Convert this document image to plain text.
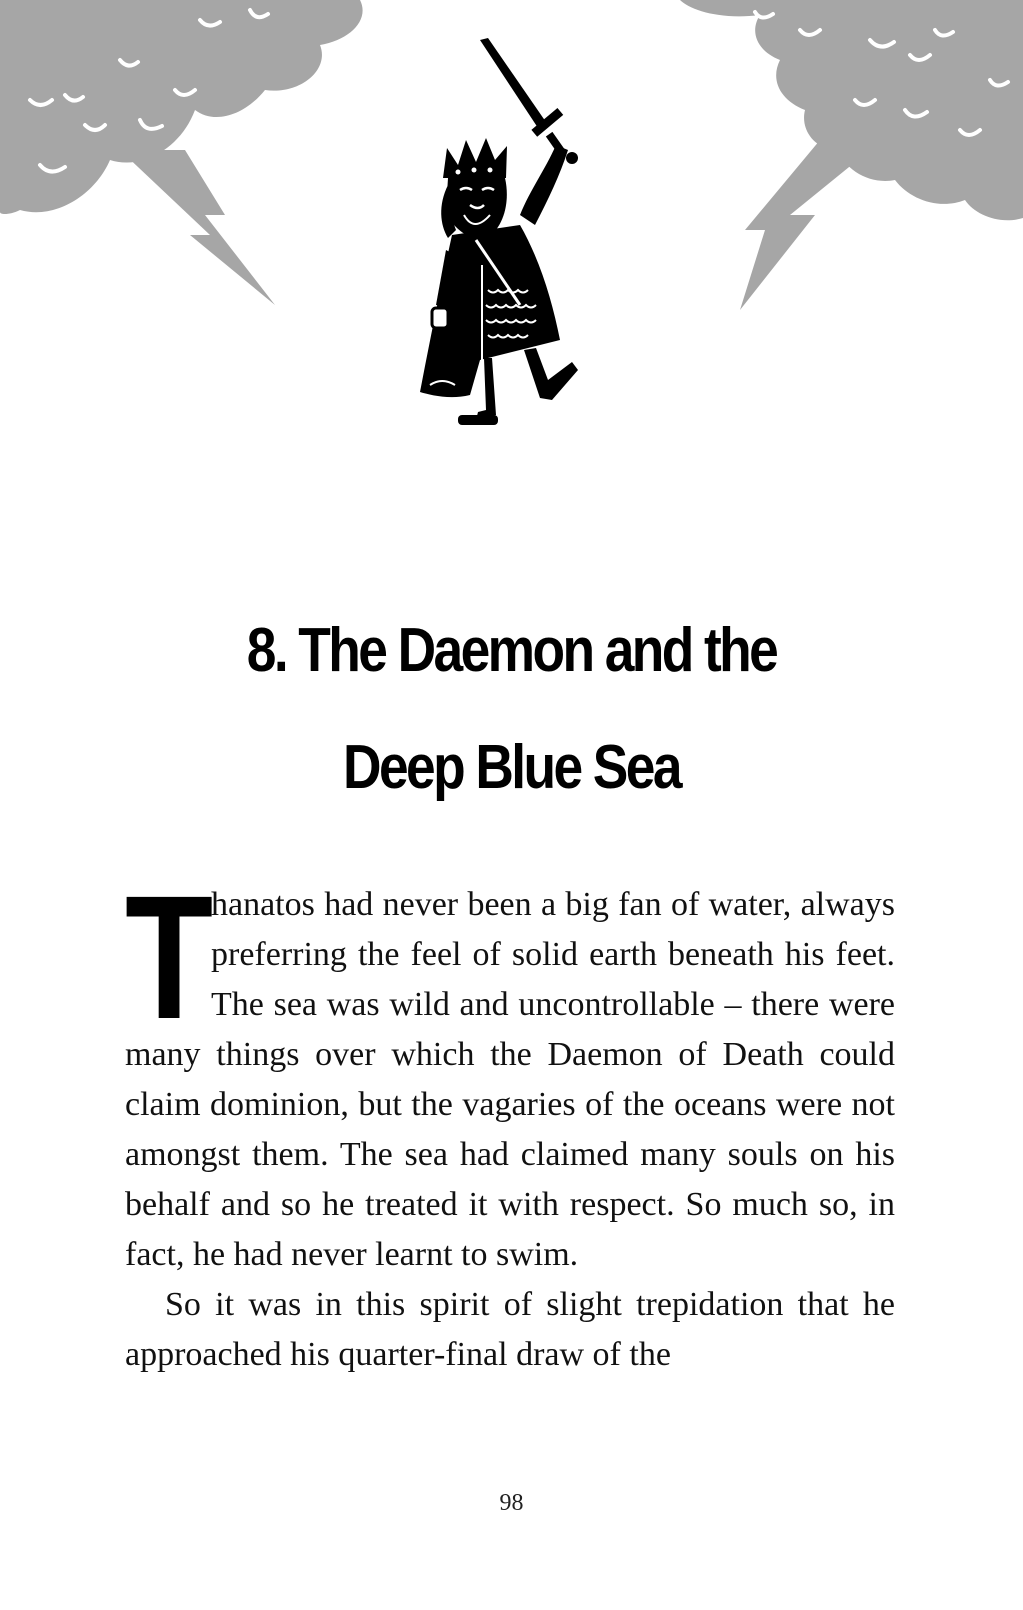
8. The Daemon and the
Deep Blue Sea

T
hanatos had never been a big fan of water, always preferring the feel of solid earth beneath his feet. The sea was wild and uncontrollable – there were many things over which the Daemon of Death could claim dominion, but the vagaries of the oceans were not amongst them. The sea had claimed many souls on his behalf and so he treated it with respect. So much so, in fact, he had never learnt to swim.

So it was in this spirit of slight trepidation that he approached his quarter-final draw of the

98
